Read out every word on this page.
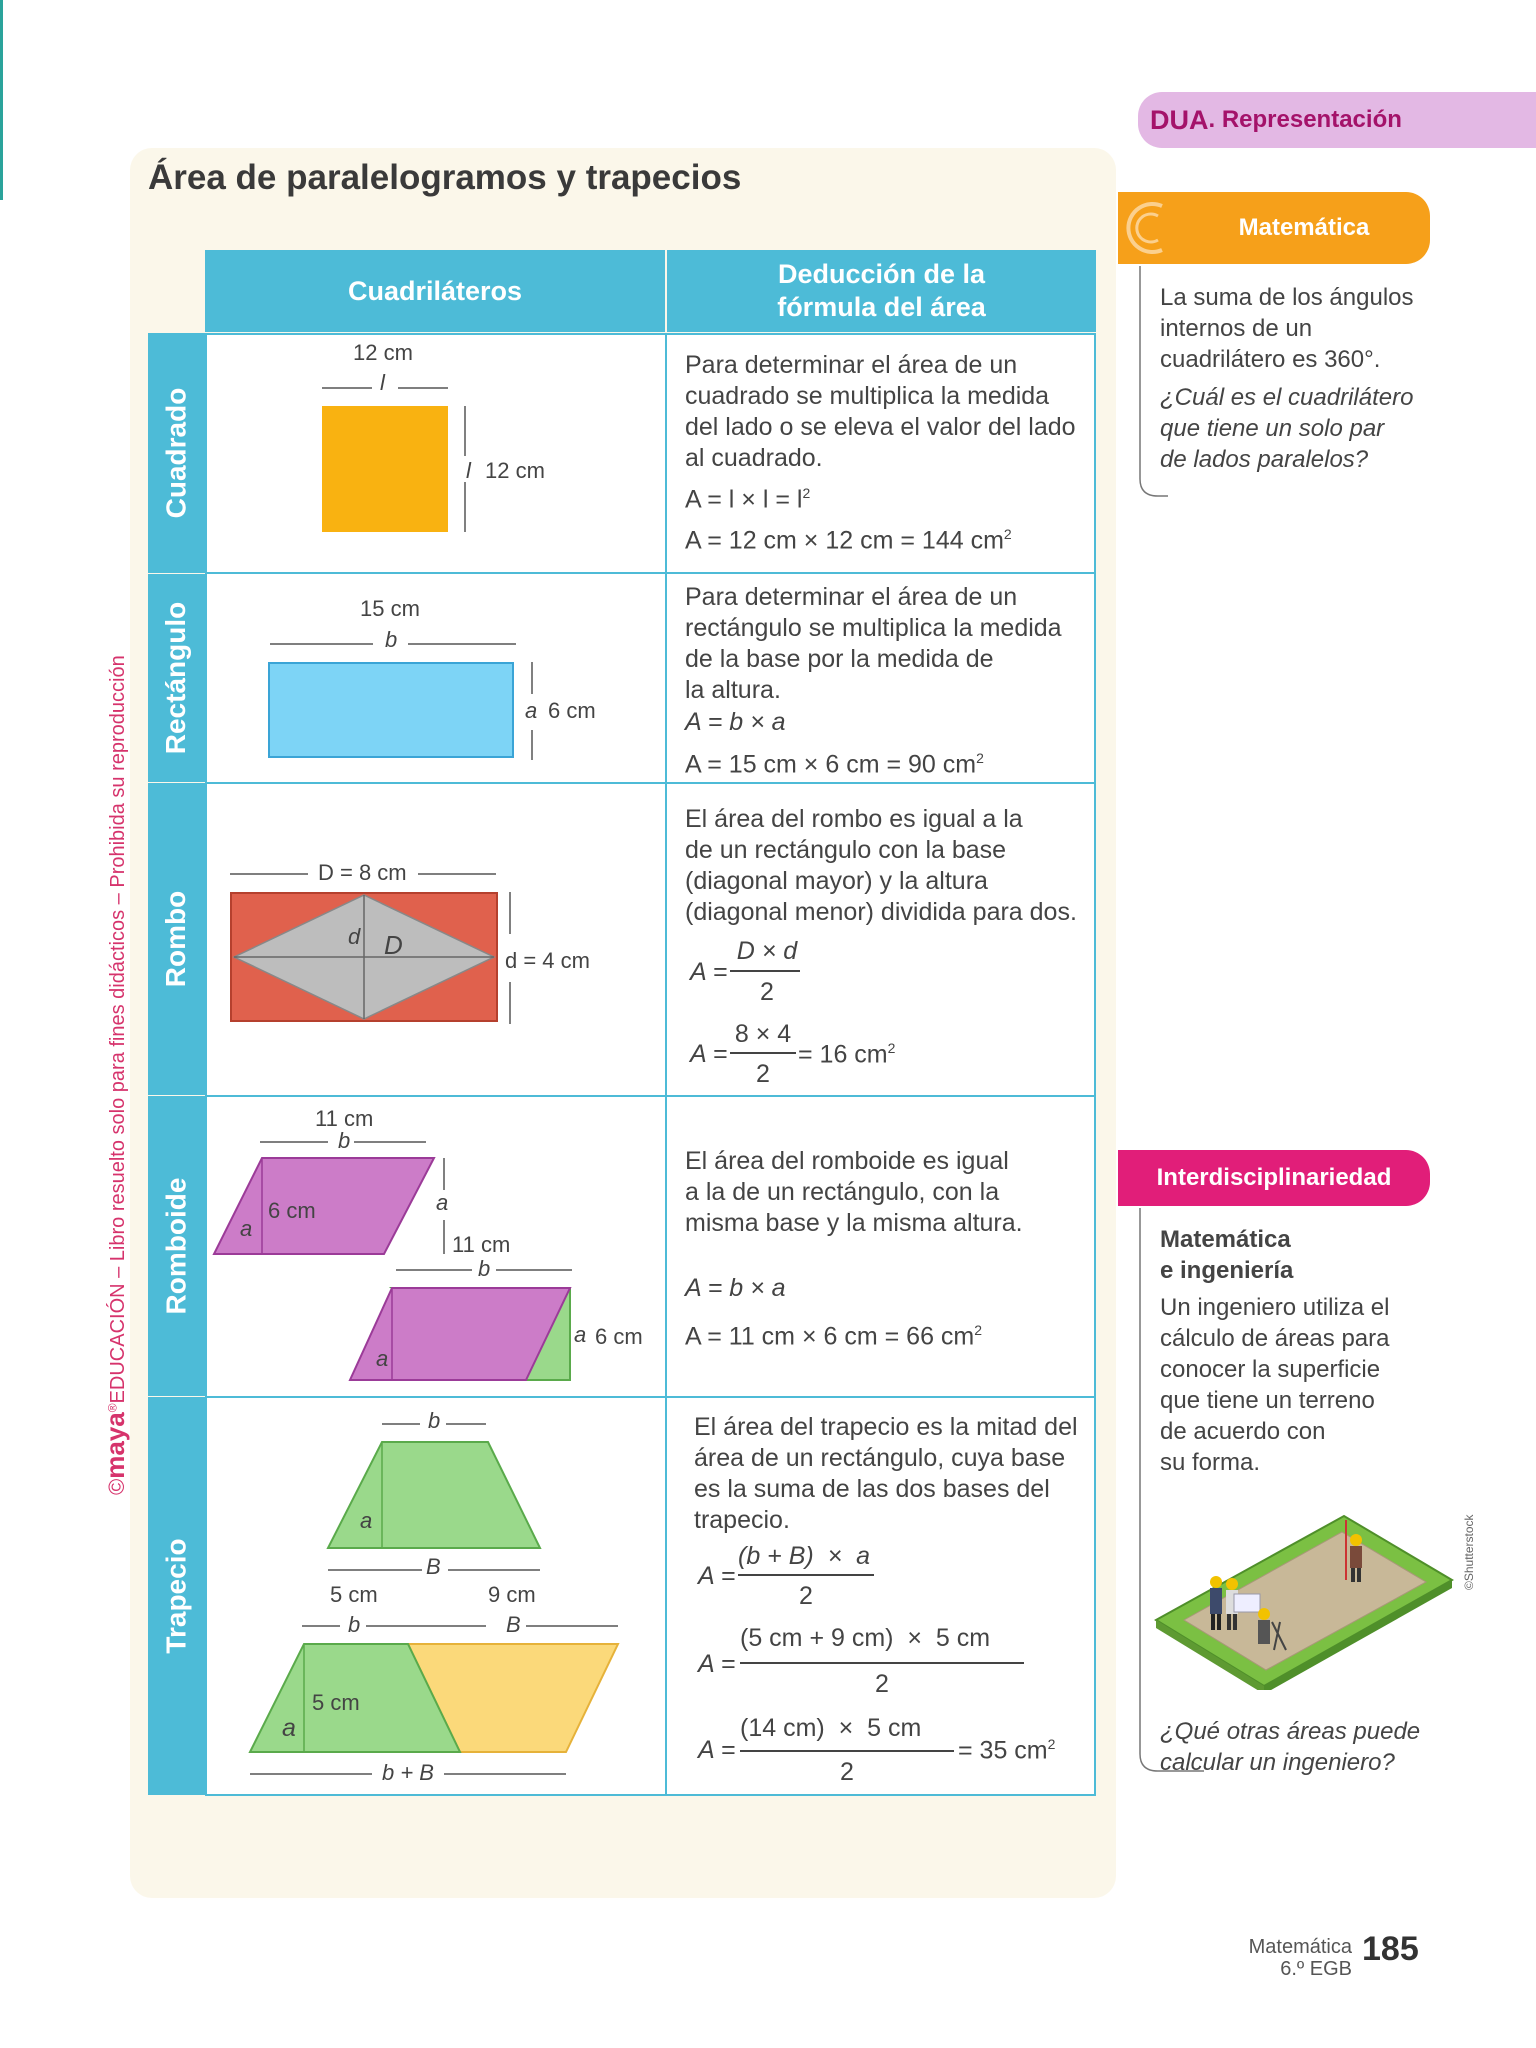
©maya®EDUCACIÓN – Libro resuelto solo para fines didácticos – Prohibida su reproducción
Área de paralelogramos y trapecios
DUA . Representación
Cuadriláteros
Deducción de la
fórmula del área
Cuadrado
Rectángulo
Rombo
Romboide
Trapecio
12 cm
l
l 12 cm
Para determinar el área de un
cuadrado se multiplica la medida
del lado o se eleva el valor del lado
al cuadrado.
$A = l \times l = l^2$
A = 12 cm × 12 cm = 144 $cm^2$
15 cm
b
a 6 cm
Para determinar el área de un
rectángulo se multiplica la medida
de la base por la medida de
la altura.
A = b × a
A = 15 cm × 6 cm = 90 $cm^2$
D = 8 cm
d D
d = 4 cm
El área del rombo es igual a la
de un rectángulo con la base
(diagonal mayor) y la altura
(diagonal menor) dividida para dos.
A =
D × d
2
A =
8 × 4
2
= 16 $cm^2$
11 cm
b
6 cm
a
a
11 cm
b
a
a 6 cm
El área del romboide es igual
a la de un rectángulo, con la
misma base y la misma altura.
A = b × a
A = 11 cm × 6 cm = 66 $cm^2$
b
a
B
5 cm	9 cm
b	B
5 cm
a
b + B
El área del trapecio es la mitad del
área de un rectángulo, cuya base
es la suma de las dos bases del
trapecio.
A =
(b + B)  ×  a
2
A =
(5 cm + 9 cm)  ×  5 cm
2
A =
(14 cm)  ×  5 cm
2
= 35 $cm^2$
Matemática
La suma de los ángulos
internos de un
cuadrilátero es 360°.
¿Cuál es el cuadrilátero
que tiene un solo par
de lados paralelos?
Interdisciplinariedad
Matemática
e ingeniería
Un ingeniero utiliza el
cálculo de áreas para
conocer la superficie
que tiene un terreno
de acuerdo con
su forma.
©Shutterstock
¿Qué otras áreas puede
calcular un ingeniero?
Matemática
6.º EGB
185
